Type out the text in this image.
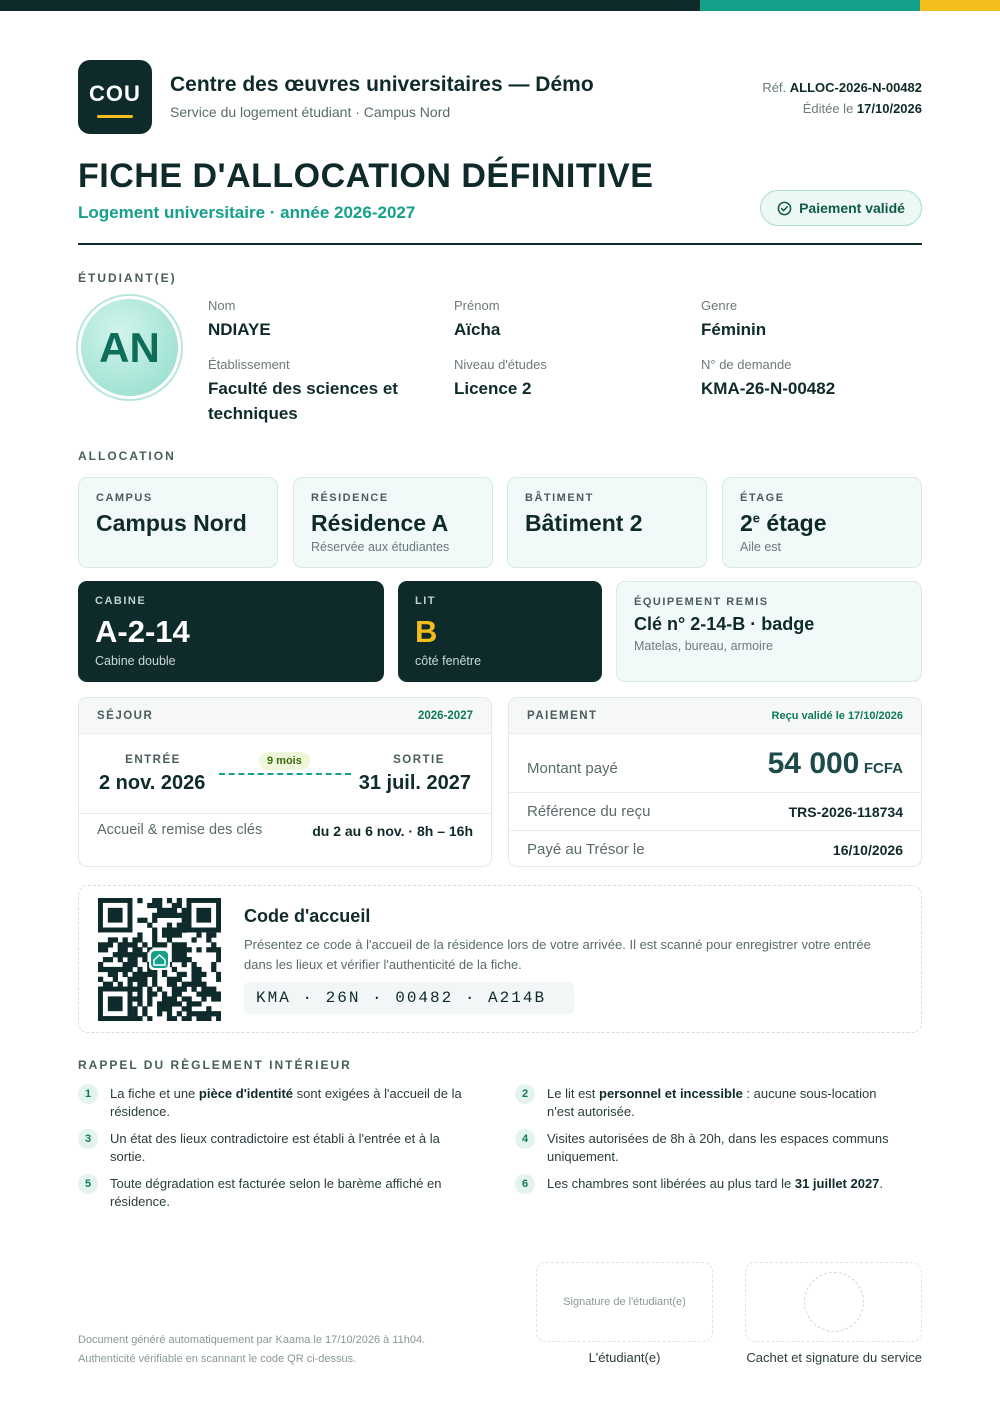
COU Centre des œuvres universitaires — Démo
Service du logement étudiant · Campus Nord
Réf. ALLOC-2026-N-00482
Éditée le 17/10/2026
FICHE D'ALLOCATION DÉFINITIVE
Logement universitaire · année 2026-2027	Paiement validé
ÉTUDIANT(E)
AN
Nom
NDIAYE
Prénom
Aïcha
Genre
Féminin
Établissement
Faculté des sciences et techniques
Niveau d'études
Licence 2
N° de demande
KMA-26-N-00482
ALLOCATION
CAMPUS
Campus Nord
RÉSIDENCE
Résidence A
Réservée aux étudiantes
BÂTIMENT
Bâtiment 2
ÉTAGE
2e étage
Aile est
CABINE
A-2-14
Cabine double
LIT
B
côté fenêtre
ÉQUIPEMENT REMIS
Clé n° 2-14-B · badge
Matelas, bureau, armoire
SÉJOUR	2026-2027
ENTRÉE
2 nov. 2026
9 mois	SORTIE
31 juil. 2027
Accueil & remise des clés	du 2 au 6 nov. · 8h – 16h
PAIEMENT	Reçu validé le 17/10/2026
Montant payé	54 000 FCFA
Référence du reçu	TRS-2026-118734
Payé au Trésor le	16/10/2026
Code d'accueil
Présentez ce code à l'accueil de la résidence lors de votre arrivée. Il est scanné pour enregistrer votre entrée dans les lieux et vérifier l'authenticité de la fiche.
KMA · 26N · 00482 · A214B
RAPPEL DU RÈGLEMENT INTÉRIEUR
1	La fiche et une pièce d'identité sont exigées à l'accueil de la résidence.
2	Le lit est personnel et incessible : aucune sous-location n'est autorisée.
3	Un état des lieux contradictoire est établi à l'entrée et à la sortie.
4	Visites autorisées de 8h à 20h, dans les espaces communs uniquement.
5	Toute dégradation est facturée selon le barème affiché en résidence.
6	Les chambres sont libérées au plus tard le 31 juillet 2027.
Signature de l'étudiant(e)
L'étudiant(e)	Cachet et signature du service
Document généré automatiquement par Kaama le 17/10/2026 à 11h04.
Authenticité vérifiable en scannant le code QR ci-dessus.
